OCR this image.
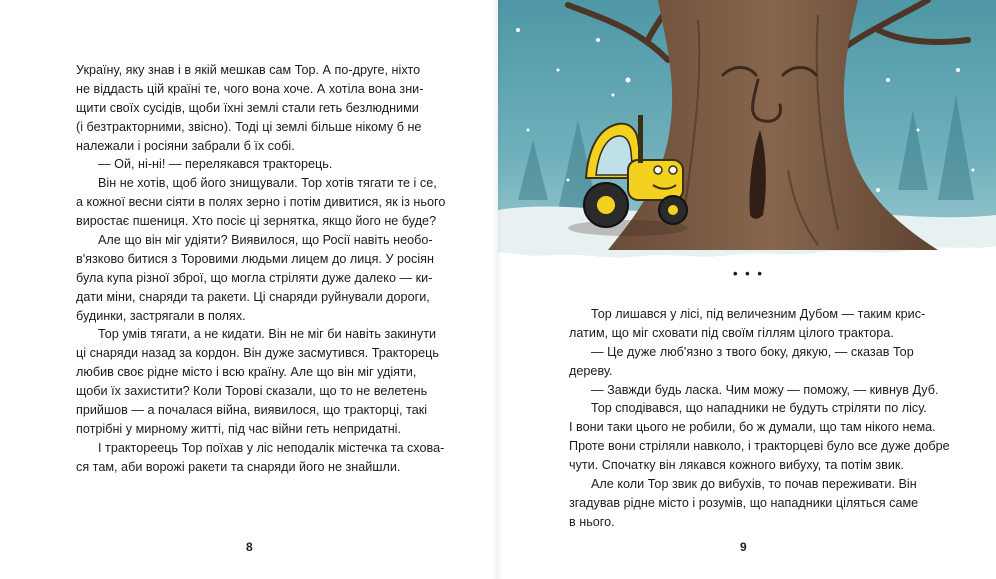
Україну, яку знав і в якій мешкав сам Тор. А по-друге, ніхто
не віддасть цій країні те, чого вона хоче. А хотіла вона зни-
щити своїх сусідів, щоби їхні землі стали геть безлюдними
(і безтракторними, звісно). Тоді ці землі більше нікому б не
належали і росіяни забрали б їх собі.
— Ой, ні-ні! — перелякався тракторець.
Він не хотів, щоб його знищували. Тор хотів тягати те і се,
а кожної весни сіяти в полях зерно і потім дивитися, як із нього
виростає пшениця. Хто посіє ці зернятка, якщо його не буде?
Але що він міг удіяти? Виявилося, що Росії навіть необо-
в'язково битися з Торовими людьми лицем до лиця. У росіян
була купа різної зброї, що могла стріляти дуже далеко — ки-
дати міни, снаряди та ракети. Ці снаряди руйнували дороги,
будинки, застрягали в полях.
Тор умів тягати, а не кидати. Він не міг би навіть закинути
ці снаряди назад за кордон. Він дуже засмутився. Тракторець
любив своє рідне місто і всю країну. Але що він міг удіяти,
щоби їх захистити? Коли Торові сказали, що то не велетень
прийшов — а почалася війна, виявилося, що тракторці, такі
потрібні у мирному житті, під час війни геть непридатні.
І трактореець Тор поїхав у ліс неподалік містечка та схова-
ся там, аби ворожі ракети та снаряди його не знайшли.
8
• • •
Тор лишався у лісі, під величезним Дубом — таким крис-
латим, що міг сховати під своїм гіллям цілого трактора.
— Це дуже люб'язно з твого боку, дякую, — сказав Тор
дереву.
— Завжди будь ласка. Чим можу — поможу, — кивнув Дуб.
Тор сподівався, що нападники не будуть стріляти по лісу.
І вони таки цього не робили, бо ж думали, що там нікого нема.
Проте вони стріляли навколо, і тракторцеві було все дуже добре
чути. Спочатку він лякався кожного вибуху, та потім звик.
Але коли Тор звик до вибухів, то почав переживати. Він
згадував рідне місто і розумів, що нападники ціляться саме
в нього.
9
